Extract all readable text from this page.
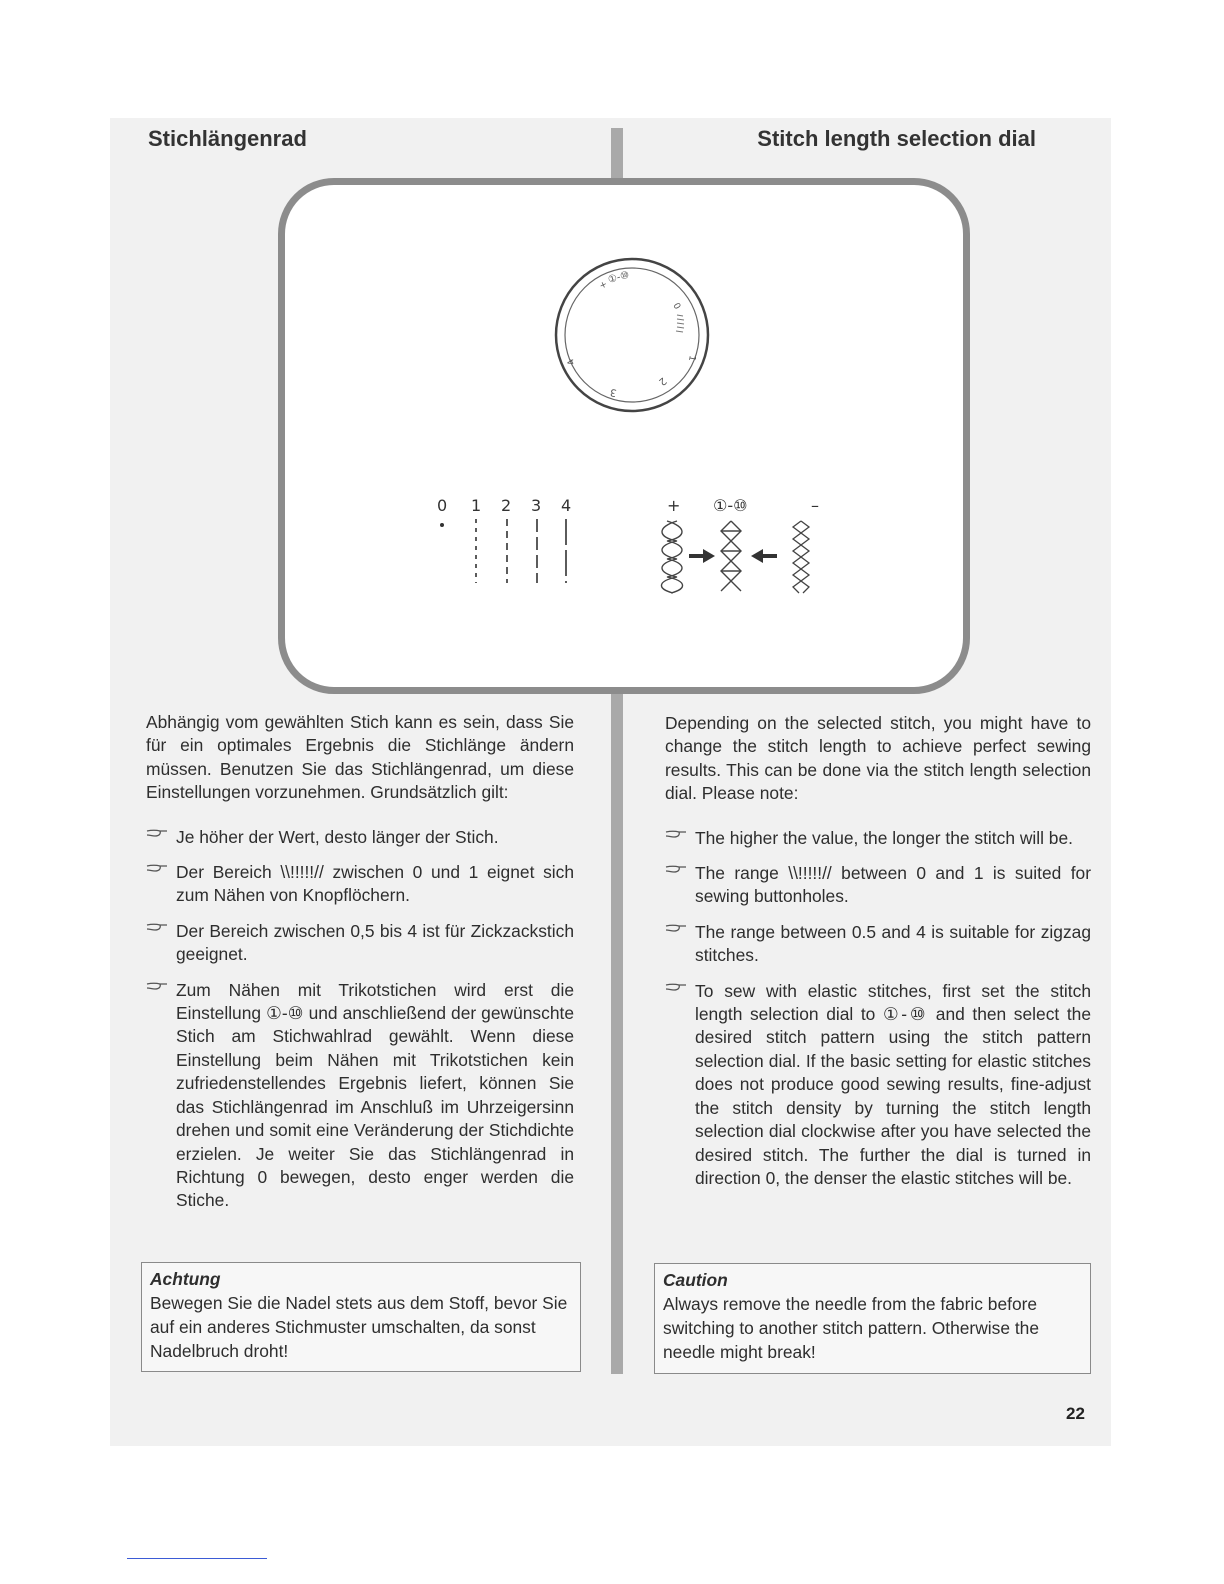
Stichlängenrad	Stitch length selection dial
+
①-⑩
0
1
2
3
4
0 1 2 3 4	+ ①-⑩	–

Abhängig vom gewählten Stich kann es sein, dass Sie für ein optimales Ergebnis die Stichlänge ändern müssen. Benutzen Sie das Stichlängenrad, um diese Einstellungen vorzunehmen. Grundsätzlich gilt:

Je höher der Wert, desto länger der Stich.
Der Bereich \\!!!!!// zwischen 0 und 1 eignet sich zum Nähen von Knopflöchern.
Der Bereich zwischen 0,5 bis 4 ist für Zickzackstich geeignet.
Zum Nähen mit Trikotstichen wird erst die Einstellung ①-⑩ und anschließend der gewünschte Stich am Stichwahlrad gewählt. Wenn diese Einstellung beim Nähen mit Trikotstichen kein zufriedenstellendes Ergebnis liefert, können Sie das Stichlängenrad im Anschluß im Uhrzeigersinn drehen und somit eine Veränderung der Stichdichte erzielen. Je weiter Sie das Stichlängenrad in Richtung 0 bewegen, desto enger werden die Stiche.

Depending on the selected stitch, you might have to change the stitch length to achieve perfect sewing results. This can be done via the stitch length selection dial. Please note:

The higher the value, the longer the stitch will be.
The range \\!!!!!// between 0 and 1 is suited for sewing buttonholes.
The range between 0.5 and 4 is suitable for zigzag stitches.
To sew with elastic stitches, first set the stitch length selection dial to ①-⑩ and then select the desired stitch pattern using the stitch pattern selection dial. If the basic setting for elastic stitches does not produce good sewing results, fine-adjust the stitch density by turning the stitch length selection dial clockwise after you have selected the desired stitch. The further the dial is turned in direction 0, the denser the elastic stitches will be.
Achtung
Bewegen Sie die Nadel stets aus dem Stoff, bevor Sie auf ein anderes Stichmuster umschalten, da sonst Nadelbruch droht!
Caution
Always remove the needle from the fabric before switching to another stitch pattern. Otherwise the needle might break!
22
